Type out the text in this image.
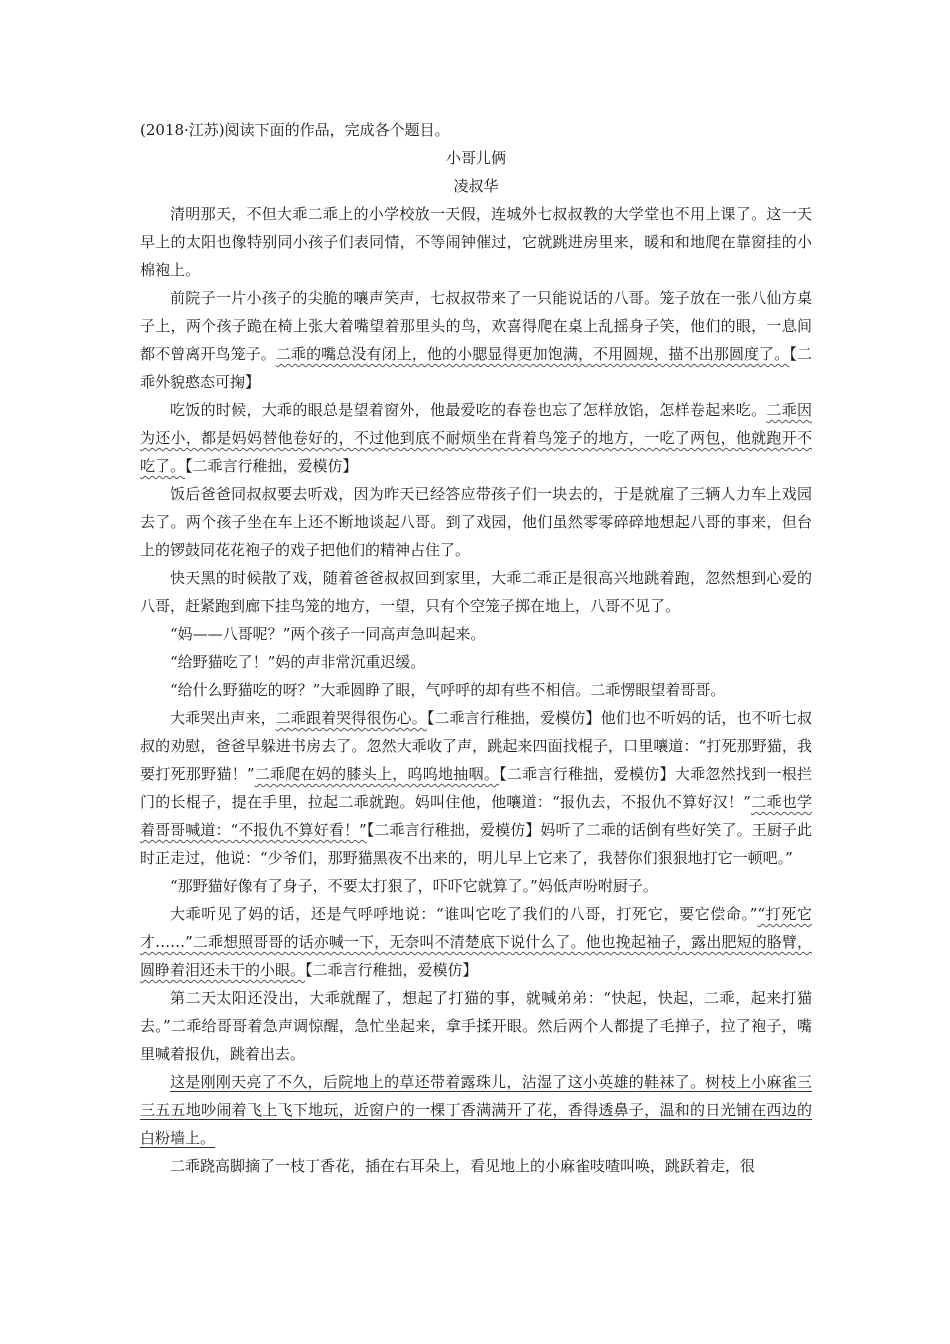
(2018·江苏)阅读下面的作品，完成各个题目。

小哥儿俩

凌叔华

清明那天，不但大乖二乖上的小学校放一天假，连城外七叔叔教的大学堂也不用上课了。这一天早上的太阳也像特别同小孩子们表同情，不等闹钟催过，它就跳进房里来，暖和和地爬在靠窗挂的小棉袍上。

前院子一片小孩子的尖脆的嚷声笑声，七叔叔带来了一只能说话的八哥。笼子放在一张八仙方桌子上，两个孩子跪在椅上张大着嘴望着那里头的鸟，欢喜得爬在桌上乱摇身子笑，他们的眼，一息间都不曾离开鸟笼子。二乖的嘴总没有闭上，他的小腮显得更加饱满，不用圆规，描不出那圆度了。【二乖外貌憨态可掬】

吃饭的时候，大乖的眼总是望着窗外，他最爱吃的春卷也忘了怎样放馅，怎样卷起来吃。二乖因为还小，都是妈妈替他卷好的，不过他到底不耐烦坐在背着鸟笼子的地方，一吃了两包，他就跑开不吃了。【二乖言行稚拙，爱模仿】

饭后爸爸同叔叔要去听戏，因为昨天已经答应带孩子们一块去的，于是就雇了三辆人力车上戏园去了。两个孩子坐在车上还不断地谈起八哥。到了戏园，他们虽然零零碎碎地想起八哥的事来，但台上的锣鼓同花花袍子的戏子把他们的精神占住了。

快天黑的时候散了戏，随着爸爸叔叔回到家里，大乖二乖正是很高兴地跳着跑，忽然想到心爱的八哥，赶紧跑到廊下挂鸟笼的地方，一望，只有个空笼子掷在地上，八哥不见了。

“妈——八哥呢？”两个孩子一同高声急叫起来。

“给野猫吃了！”妈的声非常沉重迟缓。

“给什么野猫吃的呀？”大乖圆睁了眼，气呼呼的却有些不相信。二乖愣眼望着哥哥。

大乖哭出声来，二乖跟着哭得很伤心。【二乖言行稚拙，爱模仿】他们也不听妈的话，也不听七叔叔的劝慰，爸爸早躲进书房去了。忽然大乖收了声，跳起来四面找棍子，口里嚷道：“打死那野猫，我要打死那野猫！”二乖爬在妈的膝头上，呜呜地抽咽。【二乖言行稚拙，爱模仿】大乖忽然找到一根拦门的长棍子，提在手里，拉起二乖就跑。妈叫住他，他嚷道：“报仇去，不报仇不算好汉！”二乖也学着哥哥喊道：“不报仇不算好看！”【二乖言行稚拙，爱模仿】妈听了二乖的话倒有些好笑了。王厨子此时正走过，他说：“少爷们，那野猫黑夜不出来的，明儿早上它来了，我替你们狠狠地打它一顿吧。”

“那野猫好像有了身子，不要太打狠了，吓吓它就算了。”妈低声吩咐厨子。

大乖听见了妈的话，还是气呼呼地说：“谁叫它吃了我们的八哥，打死它，要它偿命。”“打死它才……”二乖想照哥哥的话亦喊一下，无奈叫不清楚底下说什么了。他也挽起袖子，露出肥短的胳臂，圆睁着泪还未干的小眼。【二乖言行稚拙，爱模仿】

第二天太阳还没出，大乖就醒了，想起了打猫的事，就喊弟弟：“快起，快起，二乖，起来打猫去。”二乖给哥哥着急声调惊醒，急忙坐起来，拿手揉开眼。然后两个人都提了毛掸子，拉了袍子，嘴里喊着报仇，跳着出去。

这是刚刚天亮了不久，后院地上的草还带着露珠儿，沾湿了这小英雄的鞋袜了。树枝上小麻雀三三五五地吵闹着飞上飞下地玩，近窗户的一棵丁香满满开了花，香得透鼻子，温和的日光铺在西边的白粉墙上。

二乖跷高脚摘了一枝丁香花，插在右耳朵上，看见地上的小麻雀吱喳叫唤，跳跃着走，很
